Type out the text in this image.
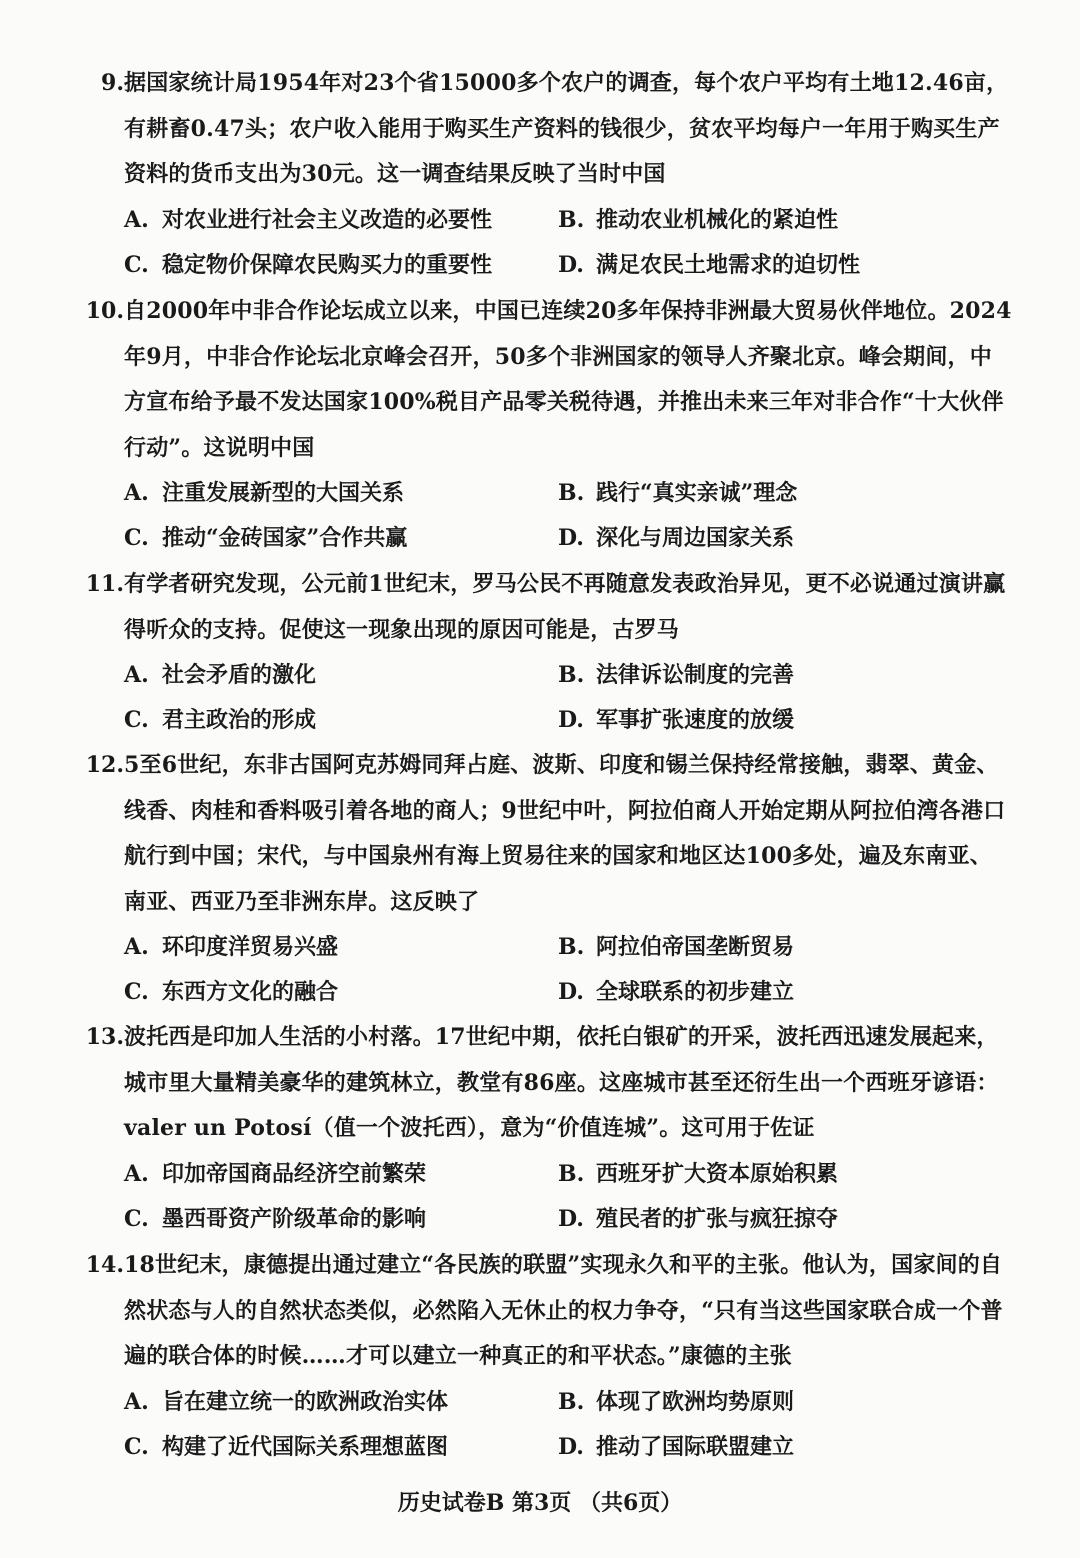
9. 据国家统计局1954年对23个省15000多个农户的调查，每个农户平均有土地12.46亩，有耕畜0.47头；农户收入能用于购买生产资料的钱很少，贫农平均每户一年用于购买生产资料的货币支出为30元。这一调查结果反映了当时中国
A. 对农业进行社会主义改造的必要性	B. 推动农业机械化的紧迫性
C. 稳定物价保障农民购买力的重要性	D. 满足农民土地需求的迫切性
10. 自2000年中非合作论坛成立以来，中国已连续20多年保持非洲最大贸易伙伴地位。2024年9月，中非合作论坛北京峰会召开，50多个非洲国家的领导人齐聚北京。峰会期间，中方宣布给予最不发达国家100%税目产品零关税待遇，并推出未来三年对非合作“十大伙伴行动”。这说明中国
A. 注重发展新型的大国关系	B. 践行“真实亲诚”理念
C. 推动“金砖国家”合作共赢	D. 深化与周边国家关系
11. 有学者研究发现，公元前1世纪末，罗马公民不再随意发表政治异见，更不必说通过演讲赢得听众的支持。促使这一现象出现的原因可能是，古罗马
A. 社会矛盾的激化	B. 法律诉讼制度的完善
C. 君主政治的形成	D. 军事扩张速度的放缓
12. 5至6世纪，东非古国阿克苏姆同拜占庭、波斯、印度和锡兰保持经常接触，翡翠、黄金、线香、肉桂和香料吸引着各地的商人；9世纪中叶，阿拉伯商人开始定期从阿拉伯湾各港口航行到中国；宋代，与中国泉州有海上贸易往来的国家和地区达100多处，遍及东南亚、南亚、西亚乃至非洲东岸。这反映了
A. 环印度洋贸易兴盛	B. 阿拉伯帝国垄断贸易
C. 东西方文化的融合	D. 全球联系的初步建立
13. 波托西是印加人生活的小村落。17世纪中期，依托白银矿的开采，波托西迅速发展起来，城市里大量精美豪华的建筑林立，教堂有86座。这座城市甚至还衍生出一个西班牙谚语：valer un Potosí（值一个波托西），意为“价值连城”。这可用于佐证
A. 印加帝国商品经济空前繁荣	B. 西班牙扩大资本原始积累
C. 墨西哥资产阶级革命的影响	D. 殖民者的扩张与疯狂掠夺
14. 18世纪末，康德提出通过建立“各民族的联盟”实现永久和平的主张。他认为，国家间的自然状态与人的自然状态类似，必然陷入无休止的权力争夺，“只有当这些国家联合成一个普遍的联合体的时候……才可以建立一种真正的和平状态。”康德的主张
A. 旨在建立统一的欧洲政治实体	B. 体现了欧洲均势原则
C. 构建了近代国际关系理想蓝图	D. 推动了国际联盟建立
历史试卷B 第3页 （共6页）
